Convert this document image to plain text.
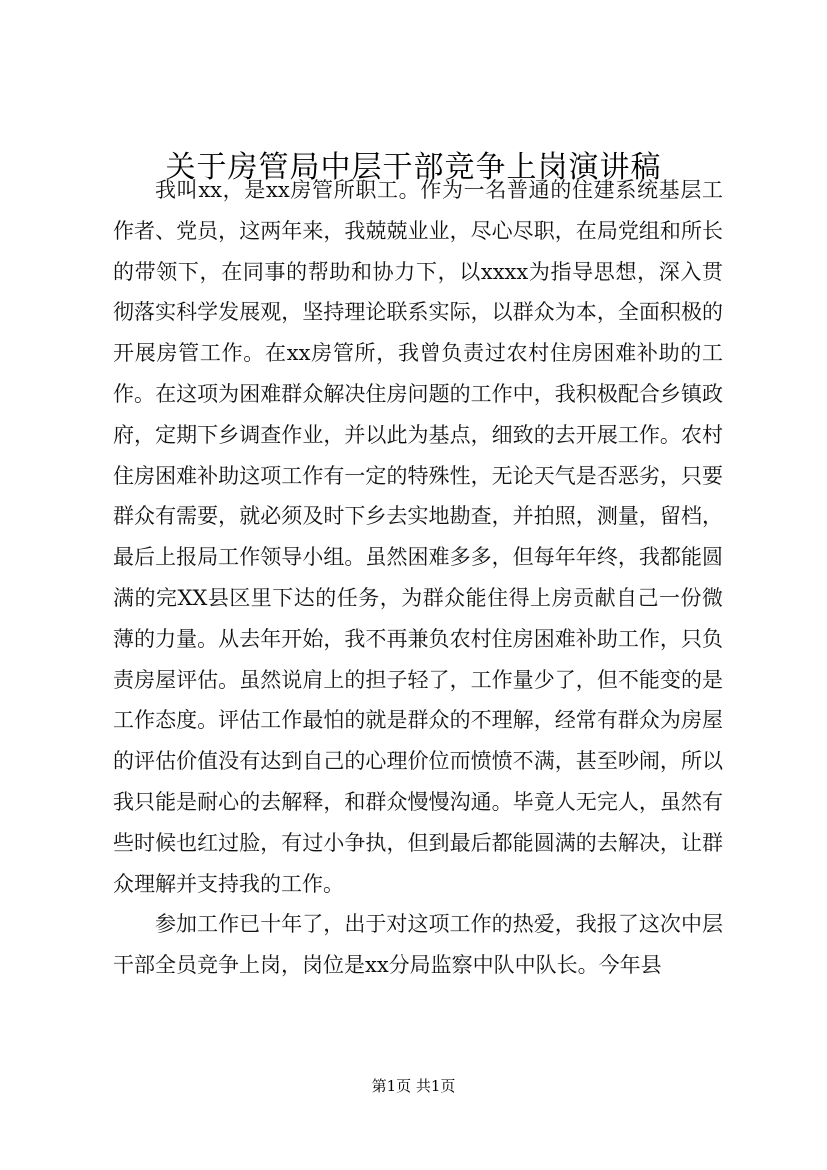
关于房管局中层干部竞争上岗演讲稿

我叫xx，是xx房管所职工。作为一名普通的住建系统基层工作者、党员，这两年来，我兢兢业业，尽心尽职，在局党组和所长的带领下，在同事的帮助和协力下，以xxxx为指导思想，深入贯彻落实科学发展观，坚持理论联系实际，以群众为本，全面积极的开展房管工作。在xx房管所，我曾负责过农村住房困难补助的工作。在这项为困难群众解决住房问题的工作中，我积极配合乡镇政府，定期下乡调查作业，并以此为基点，细致的去开展工作。农村住房困难补助这项工作有一定的特殊性，无论天气是否恶劣，只要群众有需要，就必须及时下乡去实地勘查，并拍照，测量，留档，最后上报局工作领导小组。虽然困难多多，但每年年终，我都能圆满的完XX县区里下达的任务，为群众能住得上房贡献自己一份微薄的力量。从去年开始，我不再兼负农村住房困难补助工作，只负责房屋评估。虽然说肩上的担子轻了，工作量少了，但不能变的是工作态度。评估工作最怕的就是群众的不理解，经常有群众为房屋的评估价值没有达到自己的心理价位而愤愤不满，甚至吵闹，所以我只能是耐心的去解释，和群众慢慢沟通。毕竟人无完人，虽然有些时候也红过脸，有过小争执，但到最后都能圆满的去解决，让群众理解并支持我的工作。

参加工作已十年了，出于对这项工作的热爱，我报了这次中层干部全员竞争上岗，岗位是xx分局监察中队中队长。今年县

第1页 共1页
